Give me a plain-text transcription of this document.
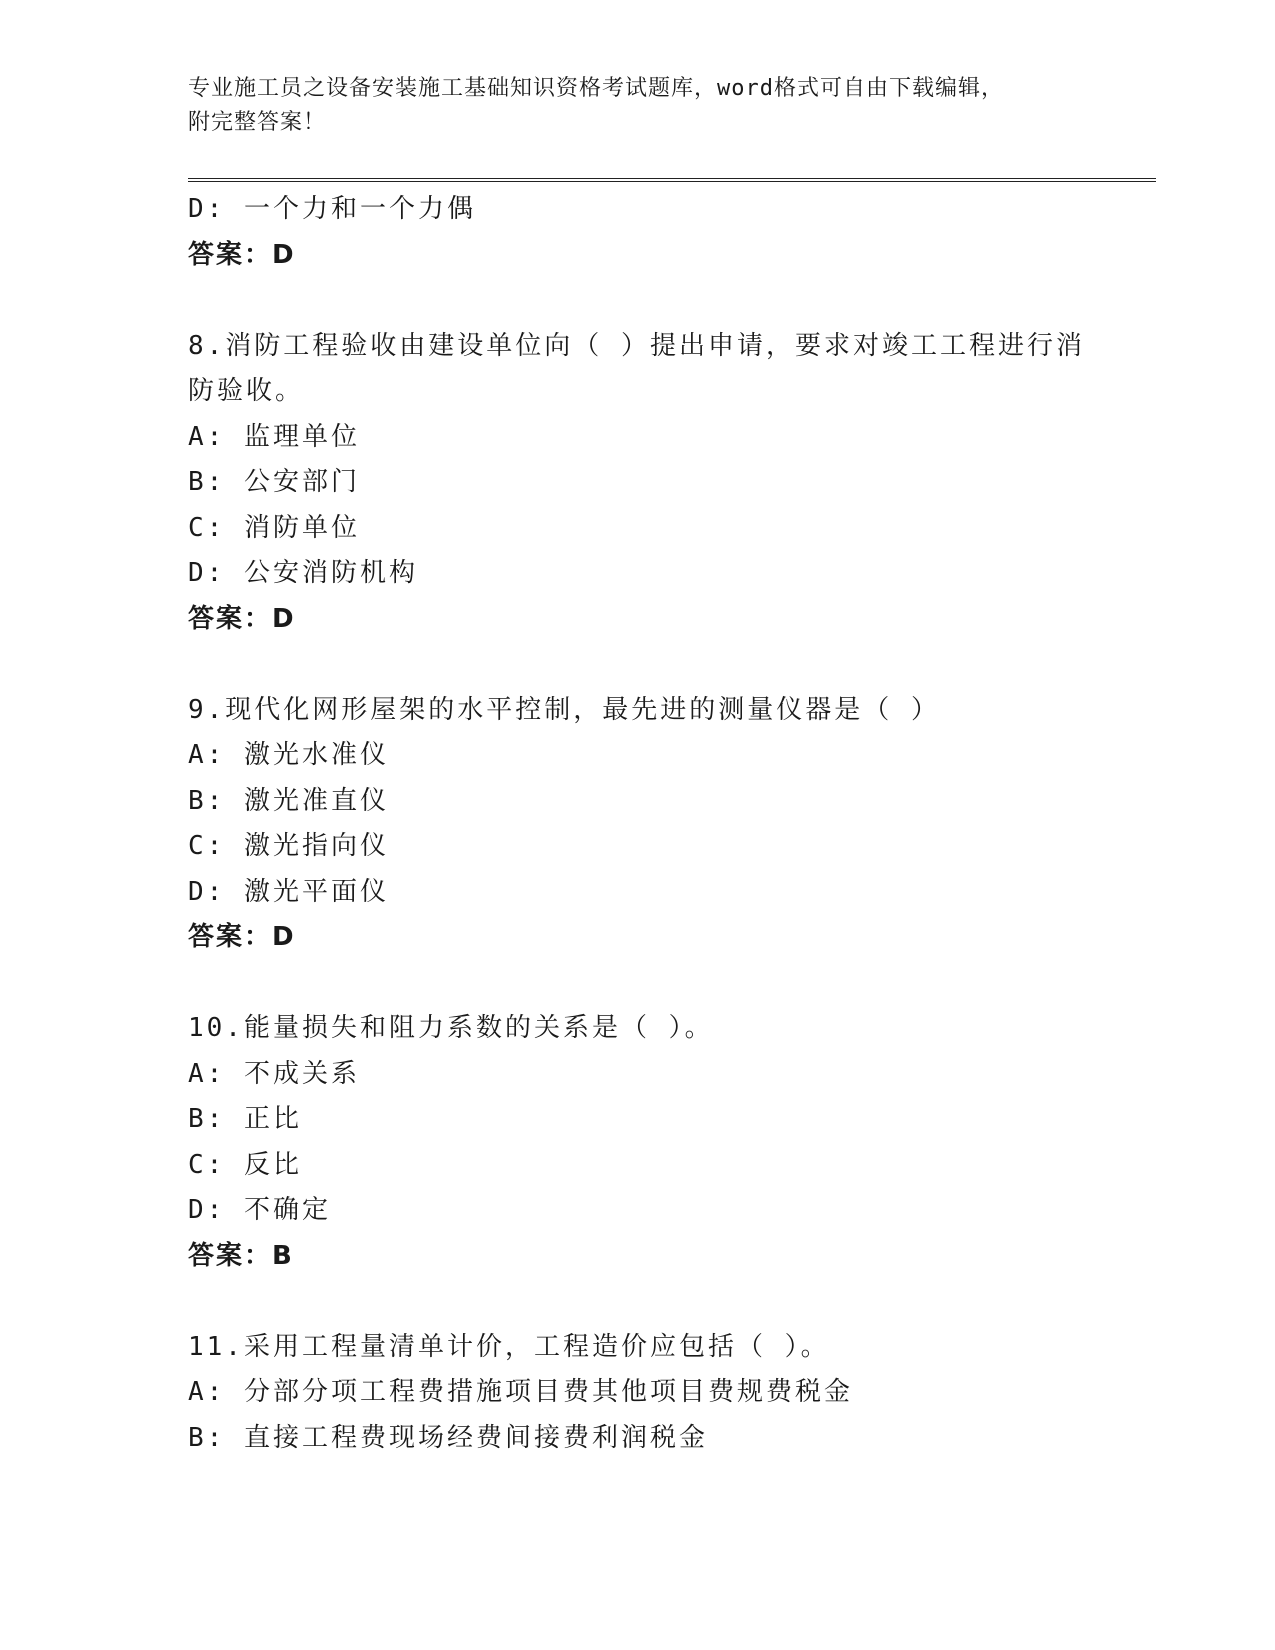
专业施工员之设备安装施工基础知识资格考试题库，word格式可自由下载编辑，
附完整答案！
D: 一个力和一个力偶
答案：D
8.消防工程验收由建设单位向（ ）提出申请，要求对竣工工程进行消
防验收。
A: 监理单位
B: 公安部门
C: 消防单位
D: 公安消防机构
答案：D
9.现代化网形屋架的水平控制，最先进的测量仪器是（ ）
A: 激光水准仪
B: 激光准直仪
C: 激光指向仪
D: 激光平面仪
答案：D
10.能量损失和阻力系数的关系是（ ）。
A: 不成关系
B: 正比
C: 反比
D: 不确定
答案：B
11.采用工程量清单计价，工程造价应包括（ ）。
A: 分部分项工程费措施项目费其他项目费规费税金
B: 直接工程费现场经费间接费利润税金
